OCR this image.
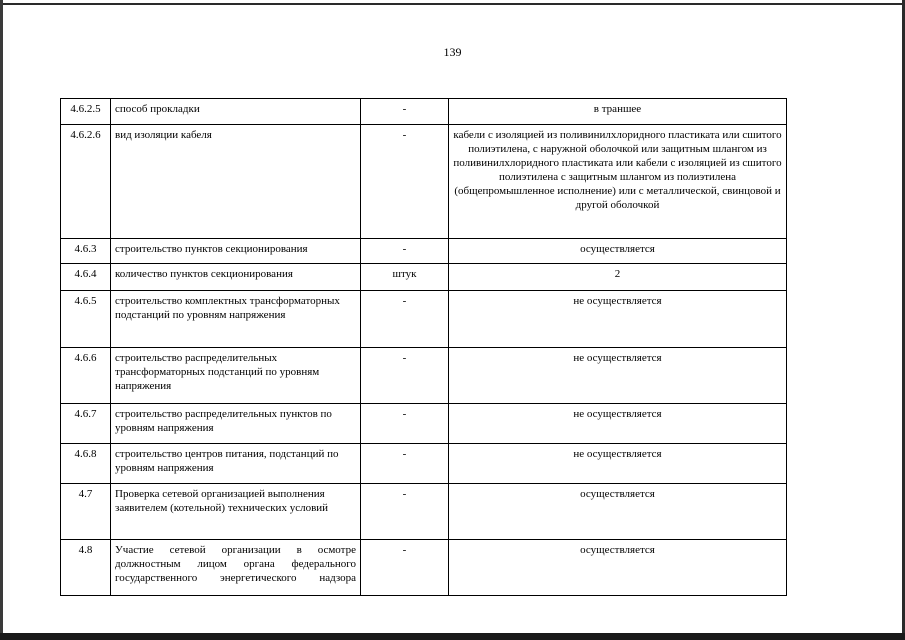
139
4.6.2.5	способ прокладки	-	в траншее
4.6.2.6	вид изоляции кабеля	-	кабели с изоляцией из поливинилхлоридного пластиката или сшитого полиэтилена, с наружной оболочкой или защитным шлангом из поливинилхлоридного пластиката или кабели с изоляцией из сшитого полиэтилена с защитным шлангом из полиэтилена (общепромышленное исполнение) или с металлической, свинцовой и другой оболочкой
4.6.3	строительство пунктов секционирования	-	осуществляется
4.6.4	количество пунктов секционирования	штук	2
4.6.5	строительство комплектных трансформаторных подстанций по уровням напряжения	-	не осуществляется
4.6.6	строительство распределительных трансформаторных подстанций по уровням напряжения	-	не осуществляется
4.6.7	строительство распределительных пунктов по уровням напряжения	-	не осуществляется
4.6.8	строительство центров питания, подстанций по уровням напряжения	-	не осуществляется
4.7	Проверка сетевой организацией выполнения заявителем (котельной) технических условий	-	осуществляется
4.8	Участие сетевой организации в осмотре должностным лицом органа федерального государственного энергетического надзора	-	осуществляется
